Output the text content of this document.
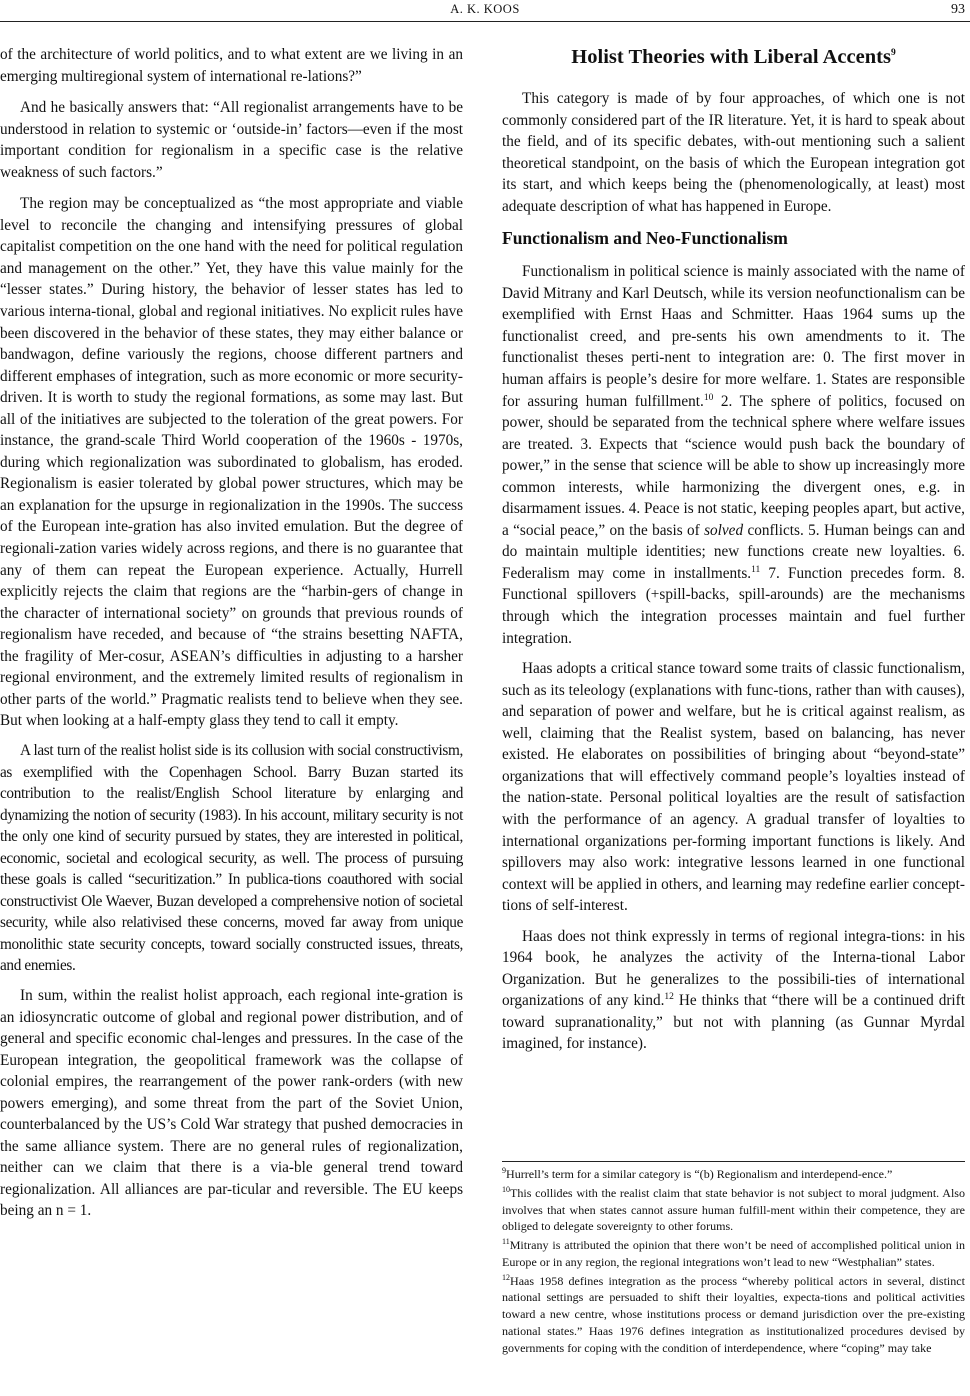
A. K. KOOS	93

of the architecture of world politics, and to what extent are we living in an emerging multiregional system of international re-lations?”

And he basically answers that: “All regionalist arrangements have to be understood in relation to systemic or ‘outside-in’ factors—even if the most important condition for regionalism in a specific case is the relative weakness of such factors.”

The region may be conceptualized as “the most appropriate and viable level to reconcile the changing and intensifying pressures of global capitalist competition on the one hand with the need for political regulation and management on the other.” Yet, they have this value mainly for the “lesser states.” During history, the behavior of lesser states has led to various interna-tional, global and regional initiatives. No explicit rules have been discovered in the behavior of these states, they may either balance or bandwagon, define variously the regions, choose different partners and different emphases of integration, such as more economic or more security-driven. It is worth to study the regional formations, as some may last. But all of the initiatives are subjected to the toleration of the great powers. For instance, the grand-scale Third World cooperation of the 1960s - 1970s, during which regionalization was subordinated to globalism, has eroded. Regionalism is easier tolerated by global power structures, which may be an explanation for the upsurge in regionalization in the 1990s. The success of the European inte-gration has also invited emulation. But the degree of regionali-zation varies widely across regions, and there is no guarantee that any of them can repeat the European experience. Actually, Hurrell explicitly rejects the claim that regions are the “harbin-gers of change in the character of international society” on grounds that previous rounds of regionalism have receded, and because of “the strains besetting NAFTA, the fragility of Mer-cosur, ASEAN’s difficulties in adjusting to a harsher regional environment, and the extremely limited results of regionalism in other parts of the world.” Pragmatic realists tend to believe when they see. But when looking at a half-empty glass they tend to call it empty.

A last turn of the realist holist side is its collusion with social constructivism, as exemplified with the Copenhagen School. Barry Buzan started its contribution to the realist/English School literature by enlarging and dynamizing the notion of security (1983). In his account, military security is not the only one kind of security pursued by states, they are interested in political, economic, societal and ecological security, as well. The process of pursuing these goals is called “securitization.” In publica-tions coauthored with social constructivist Ole Waever, Buzan developed a comprehensive notion of societal security, while also relativised these concerns, moved far away from unique monolithic state security concepts, toward socially constructed issues, threats, and enemies.

In sum, within the realist holist approach, each regional inte-gration is an idiosyncratic outcome of global and regional power distribution, and of general and specific economic chal-lenges and pressures. In the case of the European integration, the geopolitical framework was the collapse of colonial empires, the rearrangement of the power rank-orders (with new powers emerging), and some threat from the part of the Soviet Union, counterbalanced by the US’s Cold War strategy that pushed democracies in the same alliance system. There are no general rules of regionalization, neither can we claim that there is a via-ble general trend toward regionalization. All alliances are par-ticular and reversible. The EU keeps being an n = 1.

Holist Theories with Liberal Accents$^9$

This category is made of by four approaches, of which one is not commonly considered part of the IR literature. Yet, it is hard to speak about the field, and of its specific debates, with-out mentioning such a salient theoretical standpoint, on the basis of which the European integration got its start, and which keeps being the (phenomenologically, at least) most adequate description of what has happened in Europe.

Functionalism and Neo-Functionalism

Functionalism in political science is mainly associated with the name of David Mitrany and Karl Deutsch, while its version neofunctionalism can be exemplified with Ernst Haas and Schmitter. Haas 1964 sums up the functionalist creed, and pre-sents his own amendments to it. The functionalist theses perti-nent to integration are: 0. The first mover in human affairs is people’s desire for more welfare. 1. States are responsible for assuring human fulfillment.$^{10}$ 2. The sphere of politics, focused on power, should be separated from the technical sphere where welfare issues are treated. 3. Expects that “science would push back the boundary of power,” in the sense that science will be able to show up increasingly more common interests, while harmonizing the divergent ones, e.g. in disarmament issues. 4. Peace is not static, keeping peoples apart, but active, a “social peace,” on the basis of solved conflicts. 5. Human beings can and do maintain multiple identities; new functions create new loyalties. 6. Federalism may come in installments.$^{11}$ 7. Function precedes form. 8. Functional spillovers (+spill-backs, spill-arounds) are the mechanisms through which the integration processes maintain and fuel further integration.

Haas adopts a critical stance toward some traits of classic functionalism, such as its teleology (explanations with func-tions, rather than with causes), and separation of power and welfare, but he is critical against realism, as well, claiming that the Realist system, based on balancing, has never existed. He elaborates on possibilities of bringing about “beyond-state” organizations that will effectively command people’s loyalties instead of the nation-state. Personal political loyalties are the result of satisfaction with the performance of an agency. A gradual transfer of loyalties to international organizations per-forming important functions is likely. And spillovers may also work: integrative lessons learned in one functional context will be applied in others, and learning may redefine earlier concept-tions of self-interest.

Haas does not think expressly in terms of regional integra-tions: in his 1964 book, he analyzes the activity of the Interna-tional Labor Organization. But he generalizes to the possibili-ties of international organizations of any kind.$^{12}$ He thinks that “there will be a continued drift toward supranationality,” but not with planning (as Gunnar Myrdal imagined, for instance).

$^9$Hurrell’s term for a similar category is “(b) Regionalism and interdepend-ence.”

$^{10}$This collides with the realist claim that state behavior is not subject to moral judgment. Also involves that when states cannot assure human fulfill-ment within their competence, they are obliged to delegate sovereignty to other forums.

$^{11}$Mitrany is attributed the opinion that there won’t be need of accomplished political union in Europe or in any region, the regional integrations won’t lead to new “Westphalian” states.

$^{12}$Haas 1958 defines integration as the process “whereby political actors in several, distinct national settings are persuaded to shift their loyalties, expecta-tions and political activities toward a new centre, whose institutions process or demand jurisdiction over the pre-existing national states.” Haas 1976 defines integration as institutionalized procedures devised by governments for coping with the condition of interdependence, where “coping” may take
